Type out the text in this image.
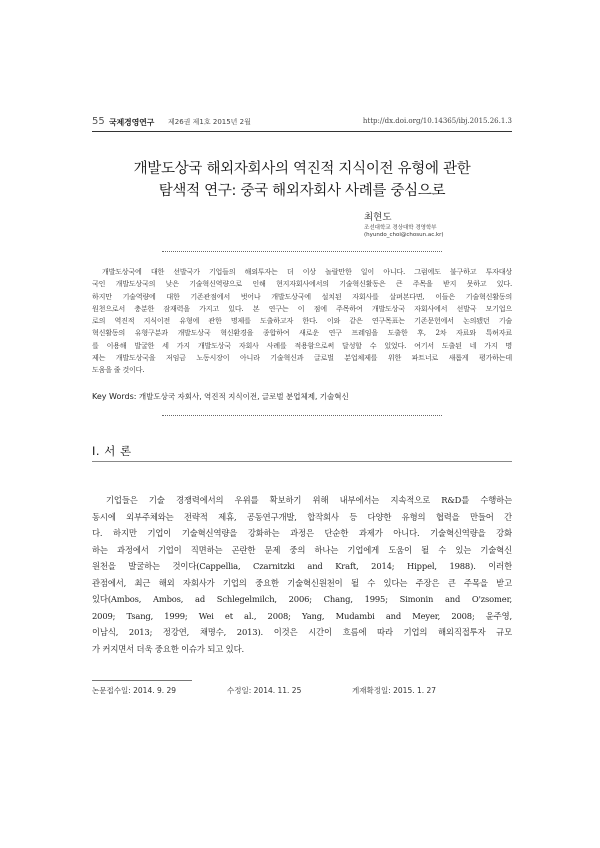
55 국제경영연구 제26권 제1호 2015년 2월	http://dx.doi.org/10.14365/ibj.2015.26.1.3
개발도상국 해외자회사의 역진적 지식이전 유형에 관한
탐색적 연구: 중국 해외자회사 사례를 중심으로
최현도
조선대학교 경상대학 경영학부
(hyundo_choi@chosun.ac.kr)
개발도상국에 대한 선발국가 기업들의 해외투자는 더 이상 놀랄만한 일이 아니다. 그럼에도 불구하고 투자대상
국인 개발도상국의 낮은 기술혁신역량으로 인해 현지자회사에서의 기술혁신활동은 큰 주목을 받지 못하고 있다.
하지만 기술역량에 대한 기존관점에서 벗어나 개발도상국에 설치된 자회사를 살펴본다면, 이들은 기술혁신활동의
원천으로서 충분한 잠재력을 가지고 있다. 본 연구는 이 점에 주목하여 개발도상국 자회사에서 선발국 모기업으
로의 역진적 지식이전 유형에 관한 명제를 도출하고자 한다. 이와 같은 연구목표는 기존문헌에서 논의됐던 기술
혁신활동의 유형구분과 개발도상국 혁신환경을 종합하여 새로운 연구 프레임을 도출한 후, 2차 자료와 특허자료
를 이용해 발굴한 세 가지 개발도상국 자회사 사례를 적용함으로써 달성할 수 있었다. 여기서 도출된 네 가지 명
제는 개발도상국을 저임금 노동시장이 아니라 기술혁신과 글로벌 분업체제를 위한 파트너로 새롭게 평가하는데
도움을 줄 것이다.
Key Words: 개발도상국 자회사, 역진적 지식이전, 글로벌 분업체제, 기술혁신
Ⅰ. 서 론
기업들은 기술 경쟁력에서의 우위를 확보하기 위해 내부에서는 지속적으로 R&D를 수행하는
동시에 외부주체와는 전략적 제휴, 공동연구개발, 합작회사 등 다양한 유형의 협력을 만들어 간
다. 하지만 기업이 기술혁신역량을 강화하는 과정은 단순한 과제가 아니다. 기술혁신역량을 강화
하는 과정에서 기업이 직면하는 곤란한 문제 중의 하나는 기업에게 도움이 될 수 있는 기술혁신
원천을 발굴하는 것이다(Cappellia, Czarnitzki and Kraft, 2014; Hippel, 1988). 이러한
관점에서, 최근 해외 자회사가 기업의 중요한 기술혁신원천이 될 수 있다는 주장은 큰 주목을 받고
있다(Ambos, Ambos, ad Schlegelmilch, 2006; Chang, 1995; Simonin and O'zsomer,
2009; Tsang, 1999; Wei et al., 2008; Yang, Mudambi and Meyer, 2008; 윤주영,
이남식, 2013; 정강연, 채명수, 2013). 이것은 시간이 흐름에 따라 기업의 해외직접투자 규모
가 커지면서 더욱 중요한 이슈가 되고 있다.
논문접수일: 2014. 9. 29	수정일: 2014. 11. 25	게재확정일: 2015. 1. 27
